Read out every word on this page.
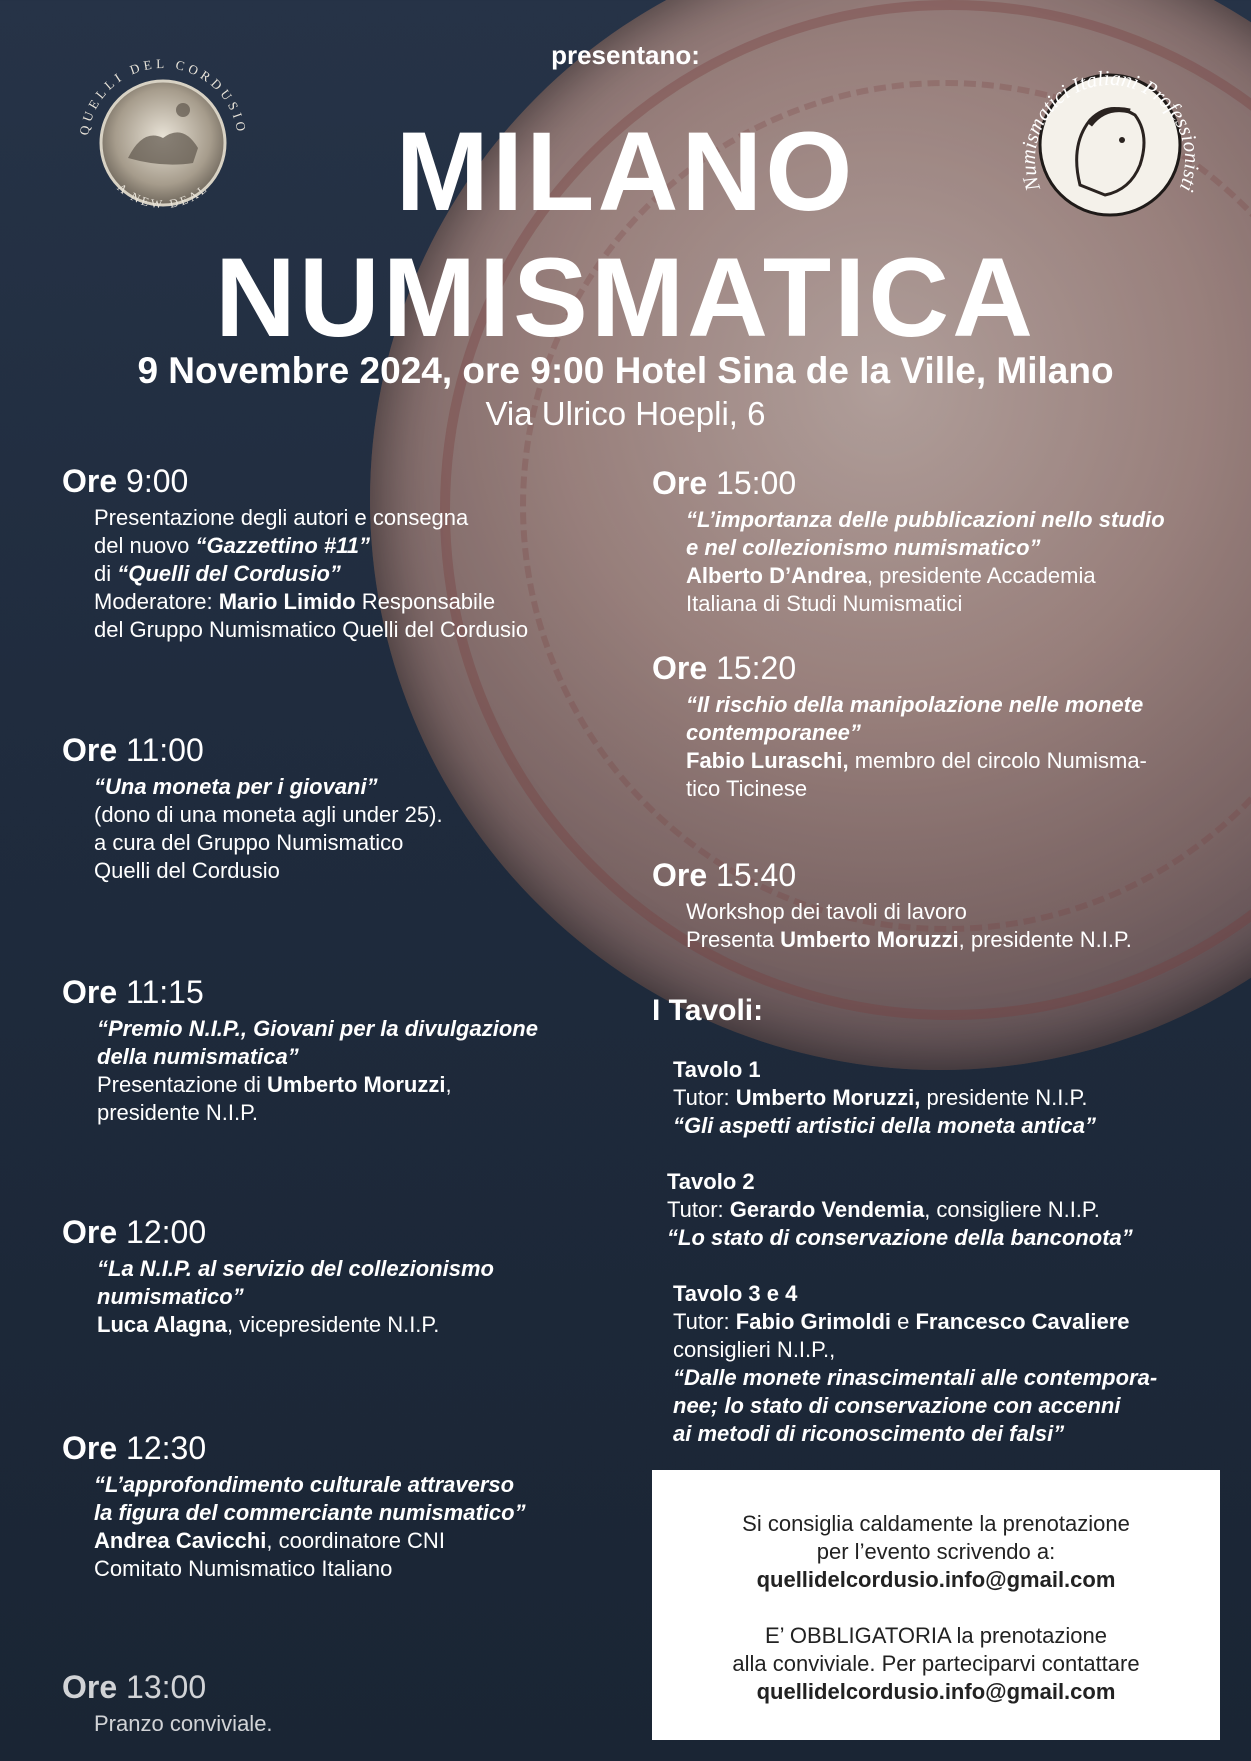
QUELLI DEL CORDUSIO
A NEW DEAL	Numismatici Italiani Professionisti
presentano:
MILANO
NUMISMATICA
9 Novembre 2024, ore 9:00 Hotel Sina de la Ville, Milano
Via Ulrico Hoepli, 6
Ore 9:00
Presentazione degli autori e consegna
del nuovo “Gazzettino #11”
di “Quelli del Cordusio”
Moderatore: Mario Limido Responsabile
del Gruppo Numismatico Quelli del Cordusio
Ore 11:00
“Una moneta per i giovani”
(dono di una moneta agli under 25).
a cura del Gruppo Numismatico
Quelli del Cordusio
Ore 11:15
“Premio N.I.P., Giovani per la divulgazione
della numismatica”
Presentazione di Umberto Moruzzi,
presidente N.I.P.
Ore 12:00
“La N.I.P. al servizio del collezionismo
numismatico”
Luca Alagna, vicepresidente N.I.P.
Ore 12:30
“L’approfondimento culturale attraverso
la figura del commerciante numismatico”
Andrea Cavicchi, coordinatore CNI
Comitato Numismatico Italiano
Ore 13:00
Pranzo conviviale.
Ore 15:00
“L’importanza delle pubblicazioni nello studio
e nel collezionismo numismatico”
Alberto D’Andrea, presidente Accademia
Italiana di Studi Numismatici
Ore 15:20
“Il rischio della manipolazione nelle monete
contemporanee”
Fabio Luraschi, membro del circolo Numisma-
tico Ticinese
Ore 15:40
Workshop dei tavoli di lavoro
Presenta Umberto Moruzzi, presidente N.I.P.
I Tavoli:
Tavolo 1
Tutor: Umberto Moruzzi, presidente N.I.P.
“Gli aspetti artistici della moneta antica”
Tavolo 2
Tutor: Gerardo Vendemia, consigliere N.I.P.
“Lo stato di conservazione della banconota”
Tavolo 3 e 4
Tutor: Fabio Grimoldi e Francesco Cavaliere
consiglieri N.I.P.,
“Dalle monete rinascimentali alle contempora-
nee; lo stato di conservazione con accenni
ai metodi di riconoscimento dei falsi”

Si consiglia caldamente la prenotazione

per l’evento scrivendo a:

quellidelcordusio.info@gmail.com

E’ OBBLIGATORIA la prenotazione

alla conviviale. Per parteciparvi contattare

quellidelcordusio.info@gmail.com
